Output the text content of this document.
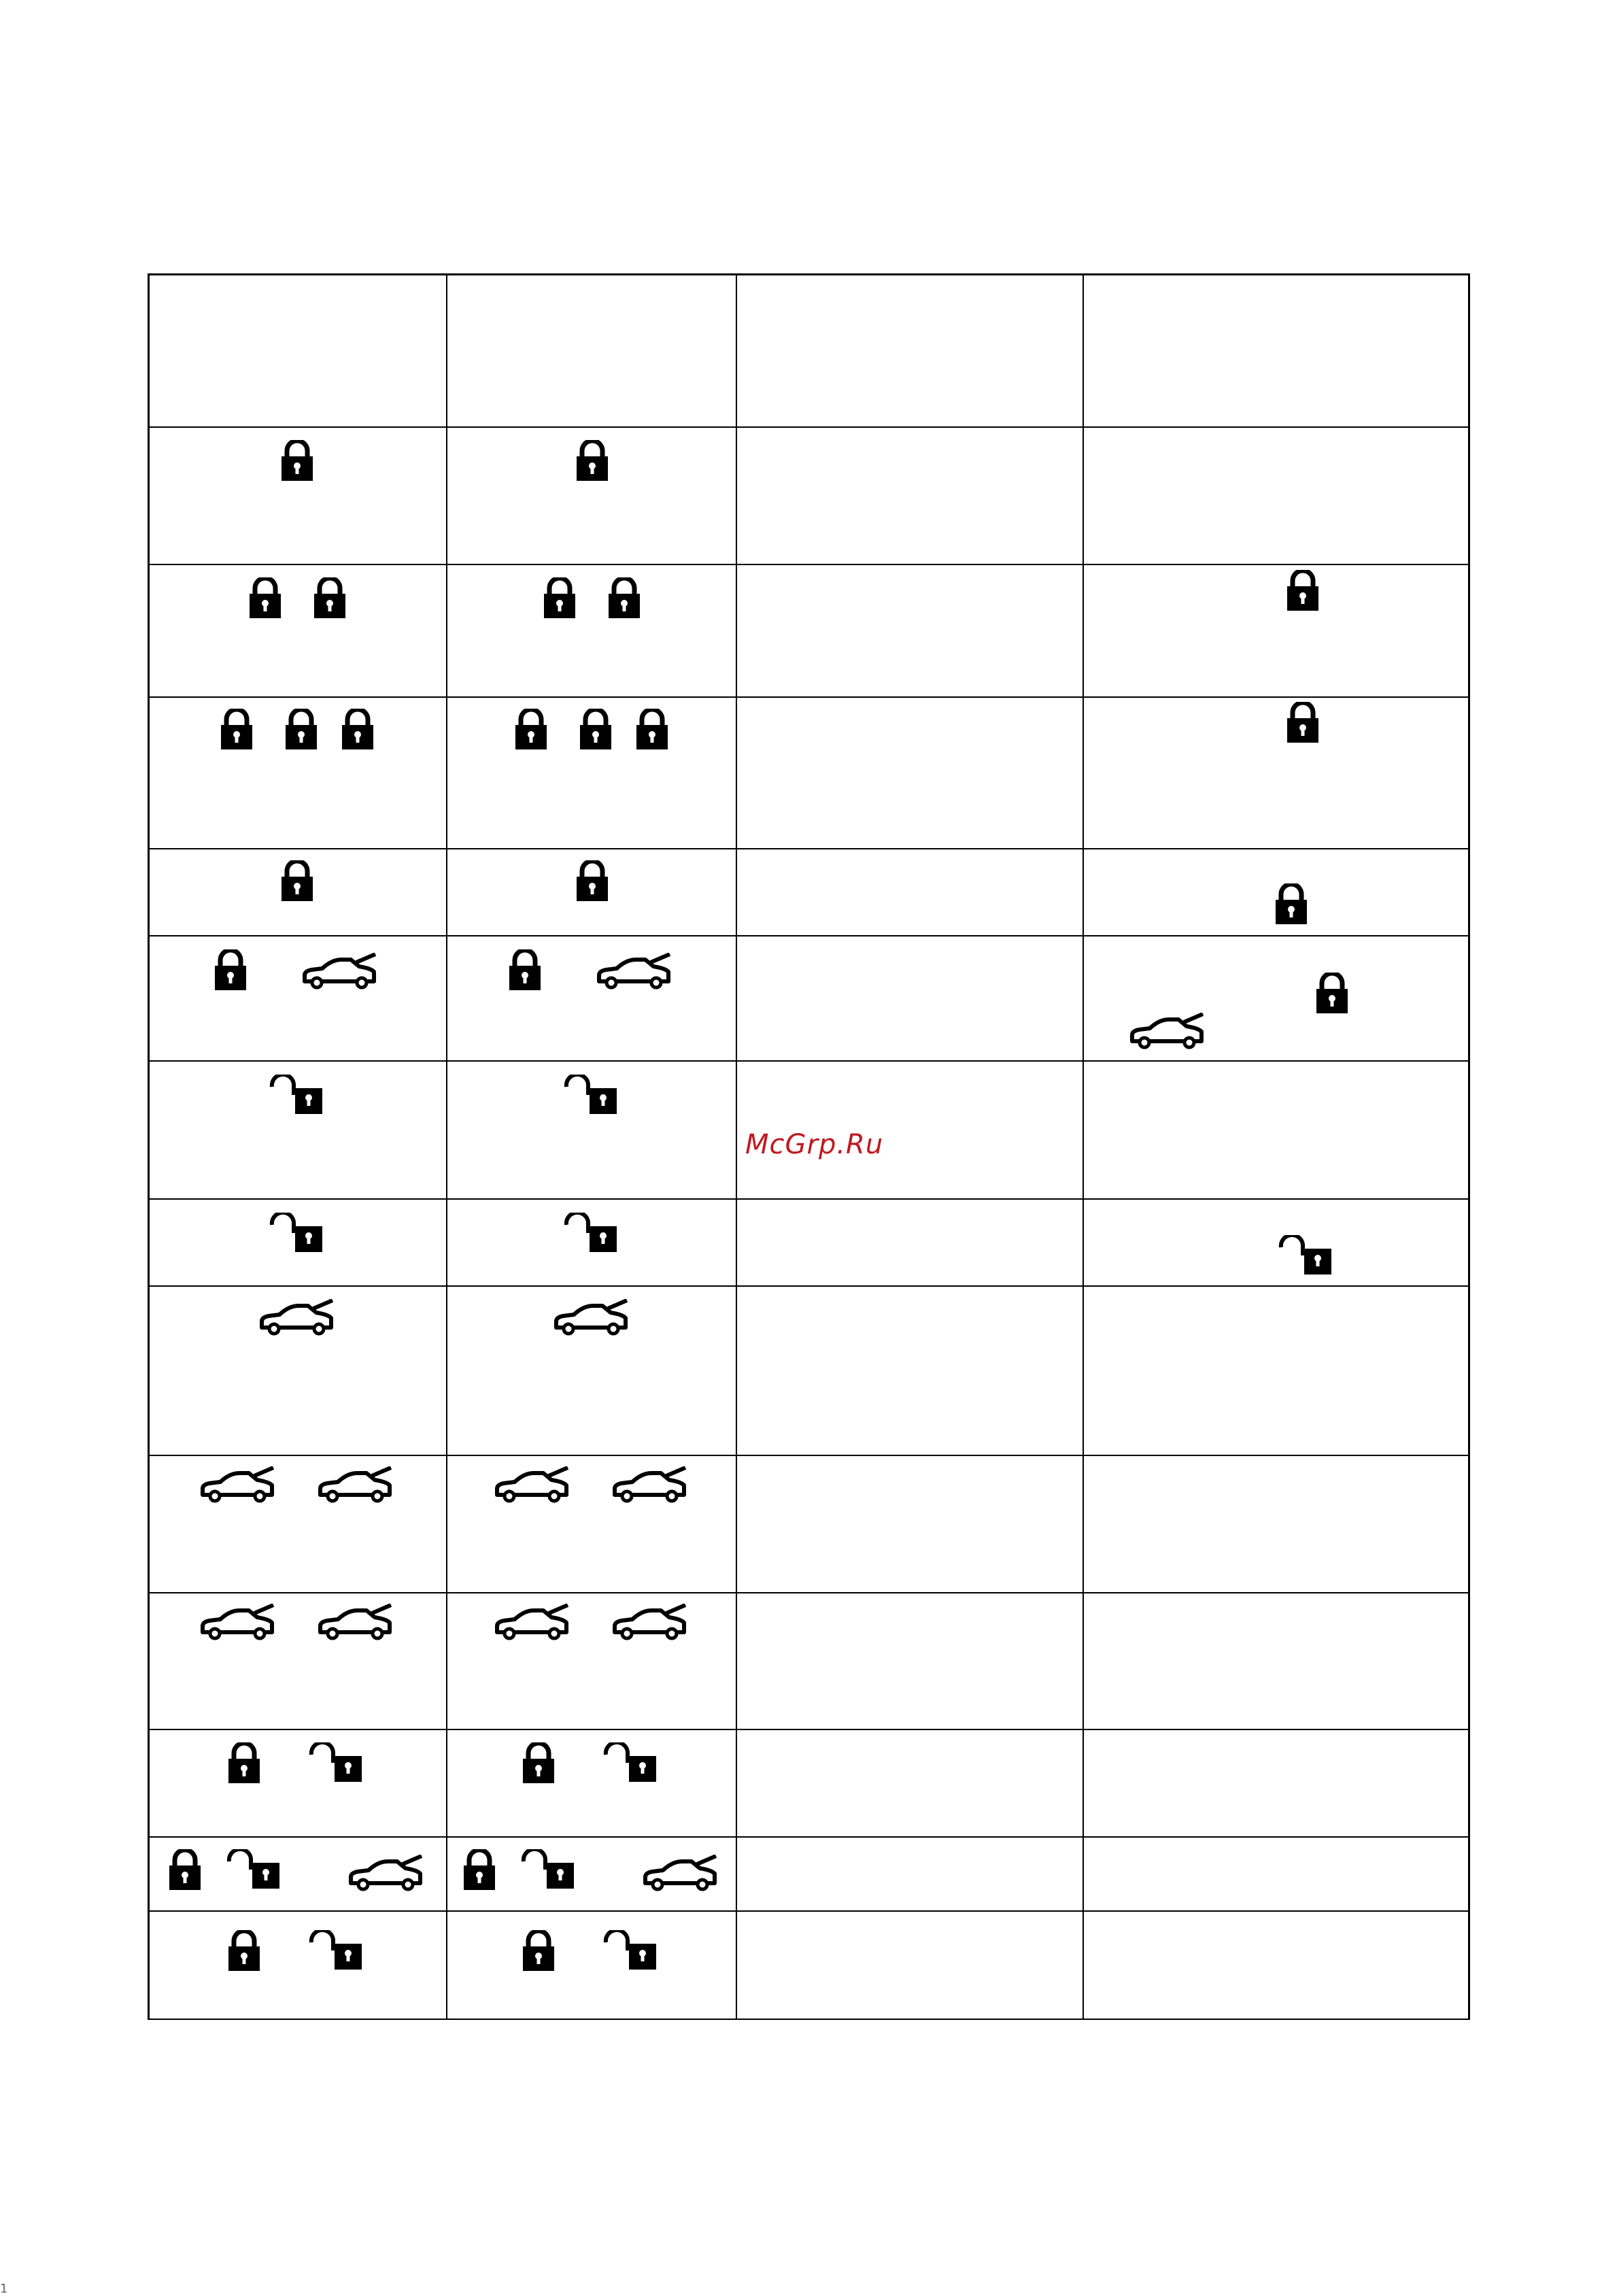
McGrp.Ru
1
